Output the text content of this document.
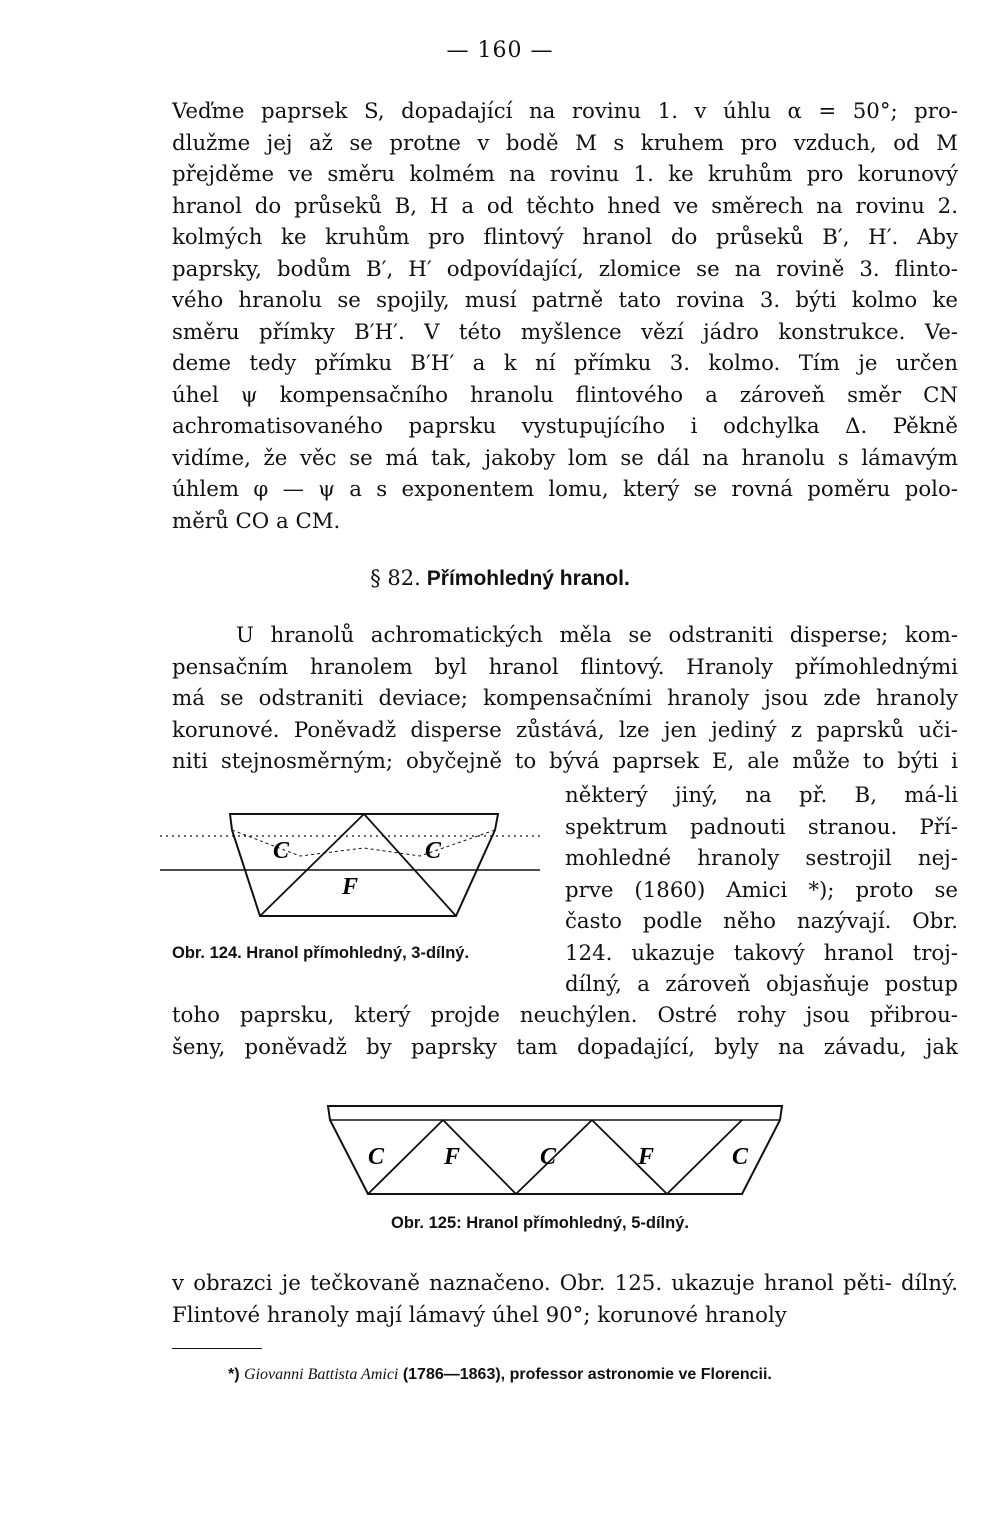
— 160 —
Veďme paprsek S, dopadající na rovinu 1. v úhlu α = 50°; pro-
dlužme jej až se protne v bodě M s kruhem pro vzduch, od M
přejděme ve směru kolmém na rovinu 1. ke kruhům pro korunový
hranol do průseků B, H a od těchto hned ve směrech na rovinu 2.
kolmých ke kruhům pro flintový hranol do průseků B′, H′. Aby
paprsky, bodům B′, H′ odpovídající, zlomice se na rovině 3. flinto-
vého hranolu se spojily, musí patrně tato rovina 3. býti kolmo ke
směru přímky B′H′. V této myšlence vězí jádro konstrukce. Ve-
deme tedy přímku B′H′ a k ní přímku 3. kolmo. Tím je určen
úhel ψ kompensačního hranolu flintového a zároveň směr CN
achromatisovaného paprsku vystupujícího i odchylka Δ. Pěkně
vidíme, že věc se má tak, jakoby lom se dál na hranolu s lámavým
úhlem φ — ψ a s exponentem lomu, který se rovná poměru polo-
měrů CO a CM.
§ 82. Přímohledný hranol.
U hranolů achromatických měla se odstraniti disperse; kom-
pensačním hranolem byl hranol flintový. Hranoly přímohlednými
má se odstraniti deviace; kompensačními hranoly jsou zde hranoly
korunové. Poněvadž disperse zůstává, lze jen jediný z paprsků uči-
niti stejnosměrným; obyčejně to bývá paprsek E, ale může to býti i
některý jiný, na př. B, má-li
spektrum padnouti stranou. Pří-
mohledné hranoly sestrojil nej-
prve (1860) Amici *); proto se
často podle něho nazývají. Obr.
124. ukazuje takový hranol troj-
dílný, a zároveň objasňuje postup
C	C
F
Obr. 124. Hranol přímohledný, 3-dílný.
toho paprsku, který projde neuchýlen. Ostré rohy jsou přibrou-
šeny, poněvadž by paprsky tam dopadající, byly na závadu, jak
C F	C	F	C
Obr. 125: Hranol přímohledný, 5-dílný.
v obrazci je tečkovaně naznačeno. Obr. 125. ukazuje hranol pěti- dílný. Flintové hranoly mají lámavý úhel 90°; korunové hranoly
*) Giovanni Battista Amici (1786—1863), professor astronomie ve Florencii.
